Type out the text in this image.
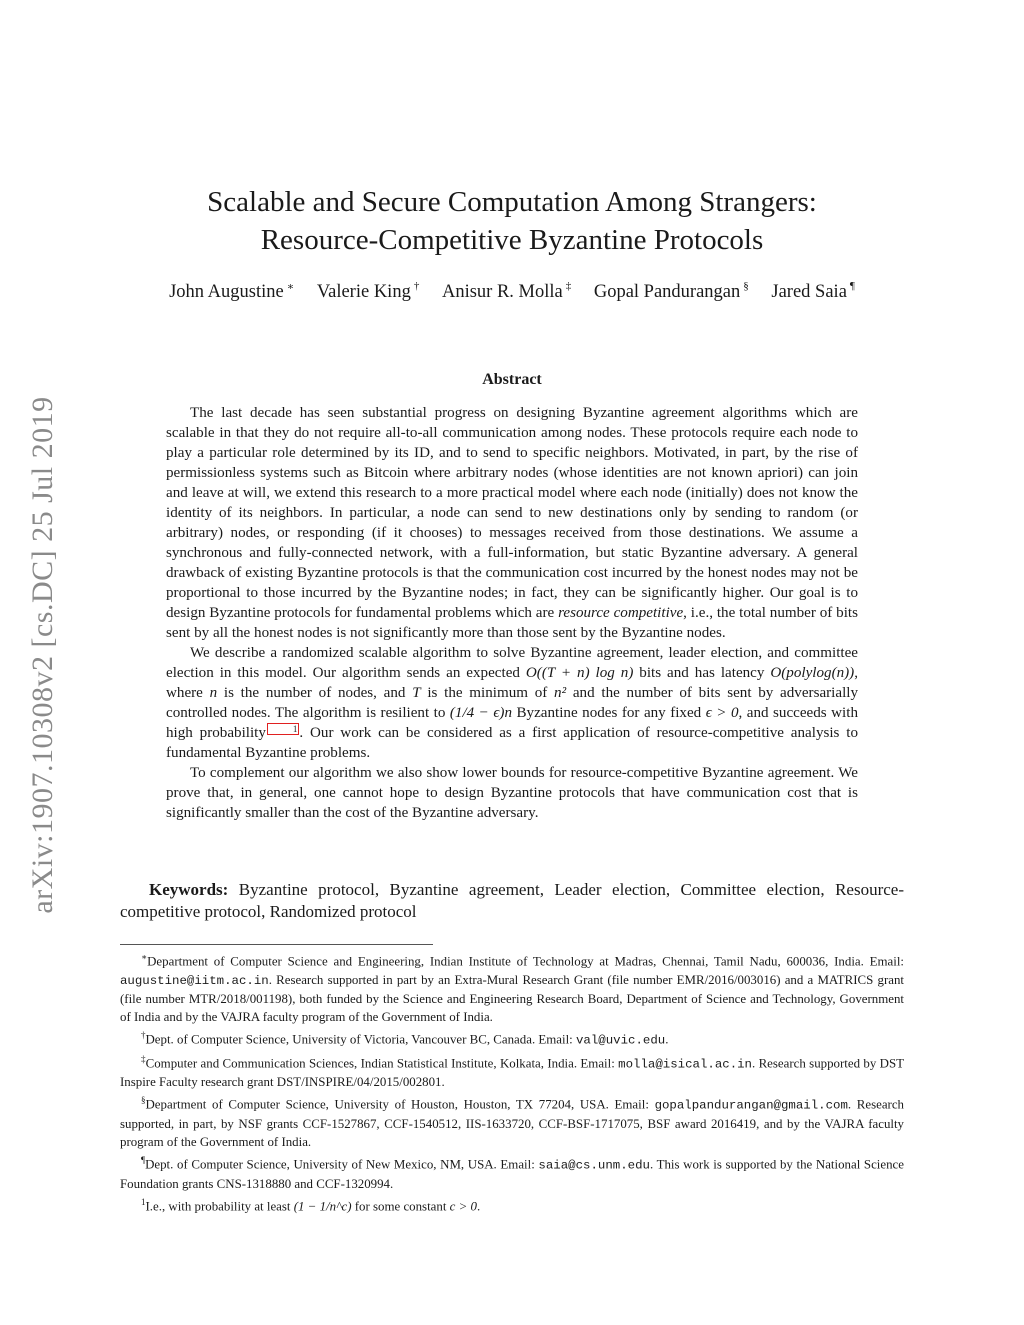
arXiv:1907.10308v2 [cs.DC] 25 Jul 2019
Scalable and Secure Computation Among Strangers:
Resource-Competitive Byzantine Protocols
John Augustine ∗ Valerie King † Anisur R. Molla ‡ Gopal Pandurangan § Jared Saia ¶
Abstract

The last decade has seen substantial progress on designing Byzantine agreement algorithms which are scalable in that they do not require all-to-all communication among nodes. These protocols require each node to play a particular role determined by its ID, and to send to specific neighbors. Motivated, in part, by the rise of permissionless systems such as Bitcoin where arbitrary nodes (whose identities are not known apriori) can join and leave at will, we extend this research to a more practical model where each node (initially) does not know the identity of its neighbors. In particular, a node can send to new destinations only by sending to random (or arbitrary) nodes, or responding (if it chooses) to messages received from those destinations. We assume a synchronous and fully-connected network, with a full-information, but static Byzantine adversary. A general drawback of existing Byzantine protocols is that the communication cost incurred by the honest nodes may not be proportional to those incurred by the Byzantine nodes; in fact, they can be significantly higher. Our goal is to design Byzantine protocols for fundamental problems which are resource competitive, i.e., the total number of bits sent by all the honest nodes is not significantly more than those sent by the Byzantine nodes.

We describe a randomized scalable algorithm to solve Byzantine agreement, leader election, and committee election in this model. Our algorithm sends an expected O((T + n) log n) bits and has latency O(polylog(n)), where n is the number of nodes, and T is the minimum of n² and the number of bits sent by adversarially controlled nodes. The algorithm is resilient to (1/4 − ϵ)n Byzantine nodes for any fixed ϵ > 0, and succeeds with high probability	1 . Our work can be considered as a first application of resource-competitive analysis to fundamental Byzantine problems.

To complement our algorithm we also show lower bounds for resource-competitive Byzantine agreement. We prove that, in general, one cannot hope to design Byzantine protocols that have communication cost that is significantly smaller than the cost of the Byzantine adversary.

Keywords: Byzantine protocol, Byzantine agreement, Leader election, Committee election, Resource-competitive protocol, Randomized protocol

∗Department of Computer Science and Engineering, Indian Institute of Technology at Madras, Chennai, Tamil Nadu, 600036, India. Email: augustine@iitm.ac.in. Research supported in part by an Extra-Mural Research Grant (file number EMR/2016/003016) and a MATRICS grant (file number MTR/2018/001198), both funded by the Science and Engineering Research Board, Department of Science and Technology, Government of India and by the VAJRA faculty program of the Government of India.

†Dept. of Computer Science, University of Victoria, Vancouver BC, Canada. Email: val@uvic.edu.

‡Computer and Communication Sciences, Indian Statistical Institute, Kolkata, India. Email: molla@isical.ac.in. Research supported by DST Inspire Faculty research grant DST/INSPIRE/04/2015/002801.

§Department of Computer Science, University of Houston, Houston, TX 77204, USA. Email: gopalpandurangan@gmail.com. Research supported, in part, by NSF grants CCF-1527867, CCF-1540512, IIS-1633720, CCF-BSF-1717075, BSF award 2016419, and by the VAJRA faculty program of the Government of India.

¶Dept. of Computer Science, University of New Mexico, NM, USA. Email: saia@cs.unm.edu. This work is supported by the National Science Foundation grants CNS-1318880 and CCF-1320994.

$^1$I.e., with probability at least (1 − 1/n^c) for some constant c > 0.
